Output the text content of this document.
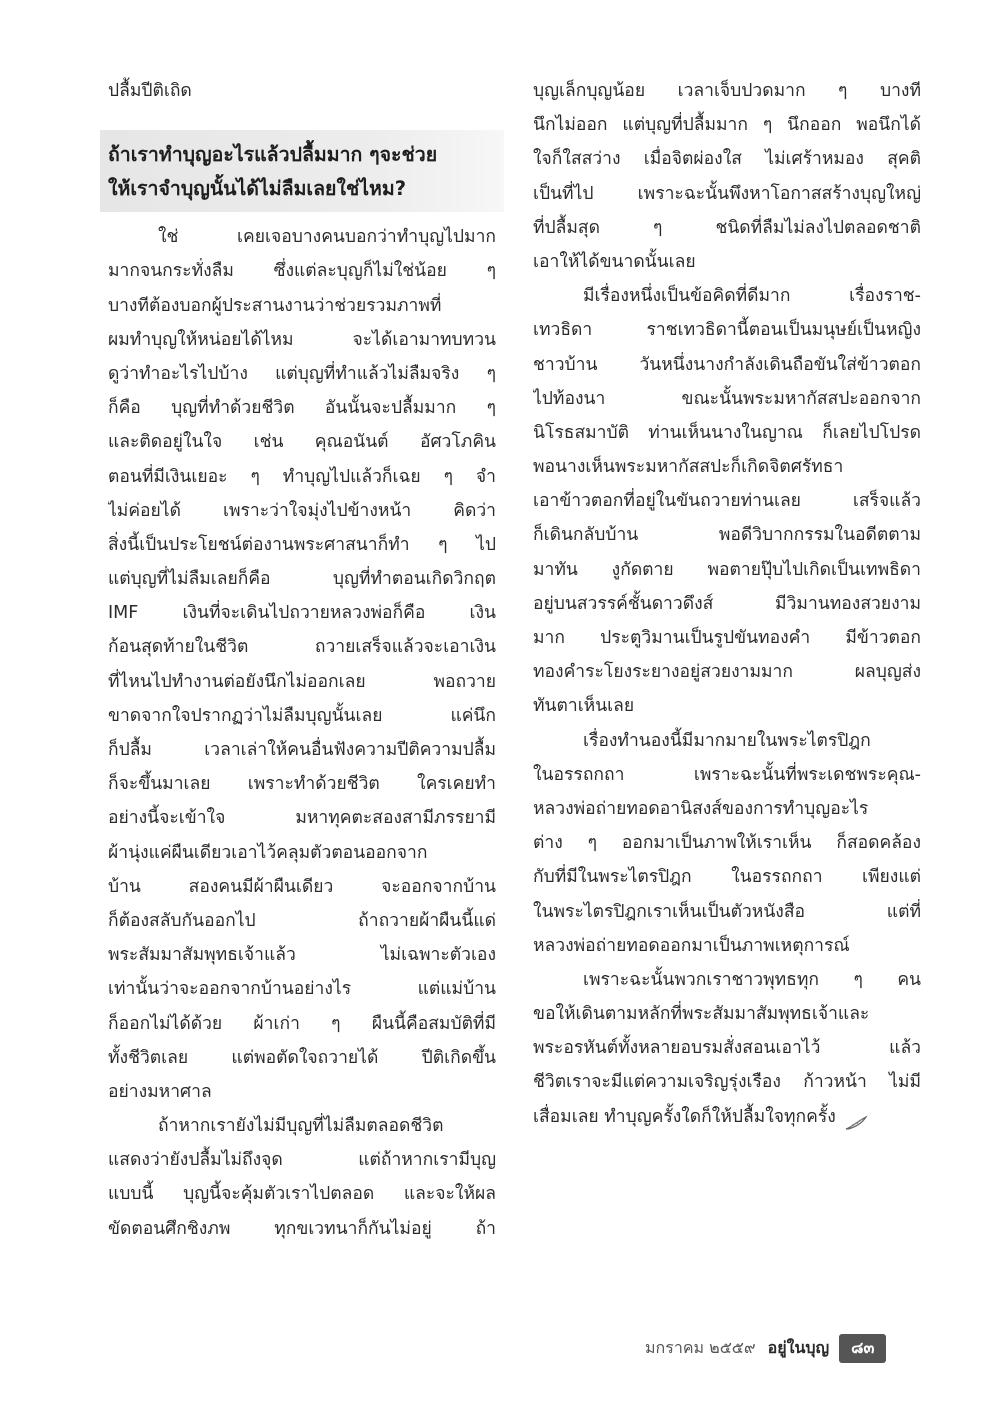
ปลื้มปีติเถิด
ถ้าเราทำบุญอะไรแล้วปลื้มมาก ๆจะช่วย
ให้เราจำบุญนั้นได้ไม่ลืมเลยใช่ไหม?
ใช่ เคยเจอบางคนบอกว่าทำบุญไปมาก
มากจนกระทั่งลืม ซึ่งแต่ละบุญก็ไม่ใช่น้อย ๆ
บางทีต้องบอกผู้ประสานงานว่าช่วยรวมภาพที่
ผมทำบุญให้หน่อยได้ไหม จะได้เอามาทบทวน
ดูว่าทำอะไรไปบ้าง แต่บุญที่ทำแล้วไม่ลืมจริง ๆ
ก็คือ บุญที่ทำด้วยชีวิต อันนั้นจะปลื้มมาก ๆ
และติดอยู่ในใจ เช่น คุณอนันต์ อัศวโภคิน
ตอนที่มีเงินเยอะ ๆ ทำบุญไปแล้วก็เฉย ๆ จำ
ไม่ค่อยได้ เพราะว่าใจมุ่งไปข้างหน้า คิดว่า
สิ่งนี้เป็นประโยชน์ต่องานพระศาสนาก็ทำ ๆ ไป
แต่บุญที่ไม่ลืมเลยก็คือ บุญที่ทำตอนเกิดวิกฤต
IMF เงินที่จะเดินไปถวายหลวงพ่อก็คือ เงิน
ก้อนสุดท้ายในชีวิต ถวายเสร็จแล้วจะเอาเงิน
ที่ไหนไปทำงานต่อยังนึกไม่ออกเลย พอถวาย
ขาดจากใจปรากฏว่าไม่ลืมบุญนั้นเลย แค่นึก
ก็ปลื้ม เวลาเล่าให้คนอื่นฟังความปีติความปลื้ม
ก็จะขึ้นมาเลย เพราะทำด้วยชีวิต ใครเคยทำ
อย่างนี้จะเข้าใจ มหาทุคตะสองสามีภรรยามี
ผ้านุ่งแค่ผืนเดียวเอาไว้คลุมตัวตอนออกจาก
บ้าน สองคนมีผ้าผืนเดียว จะออกจากบ้าน
ก็ต้องสลับกันออกไป ถ้าถวายผ้าผืนนี้แด่
พระสัมมาสัมพุทธเจ้าแล้ว ไม่เฉพาะตัวเอง
เท่านั้นว่าจะออกจากบ้านอย่างไร แต่แม่บ้าน
ก็ออกไม่ได้ด้วย ผ้าเก่า ๆ ผืนนี้คือสมบัติที่มี
ทั้งชีวิตเลย แต่พอตัดใจถวายได้ ปีติเกิดขึ้น
อย่างมหาศาล
ถ้าหากเรายังไม่มีบุญที่ไม่ลืมตลอดชีวิต
แสดงว่ายังปลื้มไม่ถึงจุด แต่ถ้าหากเรามีบุญ
แบบนี้ บุญนี้จะคุ้มตัวเราไปตลอด และจะให้ผล
ขัดตอนศึกชิงภพ ทุกขเวทนาก็กันไม่อยู่ ถ้า
บุญเล็กบุญน้อย เวลาเจ็บปวดมาก ๆ บางที
นึกไม่ออก แต่บุญที่ปลื้มมาก ๆ นึกออก พอนึกได้
ใจก็ใสสว่าง เมื่อจิตผ่องใส ไม่เศร้าหมอง สุคติ
เป็นที่ไป เพราะฉะนั้นพึงหาโอกาสสร้างบุญใหญ่
ที่ปลื้มสุด ๆ ชนิดที่ลืมไม่ลงไปตลอดชาติ
เอาให้ได้ขนาดนั้นเลย
มีเรื่องหนึ่งเป็นข้อคิดที่ดีมาก เรื่องราช-
เทวธิดา ราชเทวธิดานี้ตอนเป็นมนุษย์เป็นหญิง
ชาวบ้าน วันหนึ่งนางกำลังเดินถือขันใส่ข้าวตอก
ไปท้องนา ขณะนั้นพระมหากัสสปะออกจาก
นิโรธสมาบัติ ท่านเห็นนางในญาณ ก็เลยไปโปรด
พอนางเห็นพระมหากัสสปะก็เกิดจิตศรัทธา
เอาข้าวตอกที่อยู่ในขันถวายท่านเลย เสร็จแล้ว
ก็เดินกลับบ้าน พอดีวิบากกรรมในอดีตตาม
มาทัน งูกัดตาย พอตายปุ๊บไปเกิดเป็นเทพธิดา
อยู่บนสวรรค์ชั้นดาวดึงส์ มีวิมานทองสวยงาม
มาก ประตูวิมานเป็นรูปขันทองคำ มีข้าวตอก
ทองคำระโยงระยางอยู่สวยงามมาก ผลบุญส่ง
ทันตาเห็นเลย
เรื่องทำนองนี้มีมากมายในพระไตรปิฎก
ในอรรถกถา เพราะฉะนั้นที่พระเดชพระคุณ-
หลวงพ่อถ่ายทอดอานิสงส์ของการทำบุญอะไร
ต่าง ๆ ออกมาเป็นภาพให้เราเห็น ก็สอดคล้อง
กับที่มีในพระไตรปิฎก ในอรรถกถา เพียงแต่
ในพระไตรปิฎกเราเห็นเป็นตัวหนังสือ แต่ที่
หลวงพ่อถ่ายทอดออกมาเป็นภาพเหตุการณ์
เพราะฉะนั้นพวกเราชาวพุทธทุก ๆ คน
ขอให้เดินตามหลักที่พระสัมมาสัมพุทธเจ้าและ
พระอรหันต์ทั้งหลายอบรมสั่งสอนเอาไว้ แล้ว
ชีวิตเราจะมีแต่ความเจริญรุ่งเรือง ก้าวหน้า ไม่มี
เสื่อมเลย ทำบุญครั้งใดก็ให้ปลื้มใจทุกครั้ง
มกราคม ๒๕๕๙ อยู่ในบุญ	๘๓
